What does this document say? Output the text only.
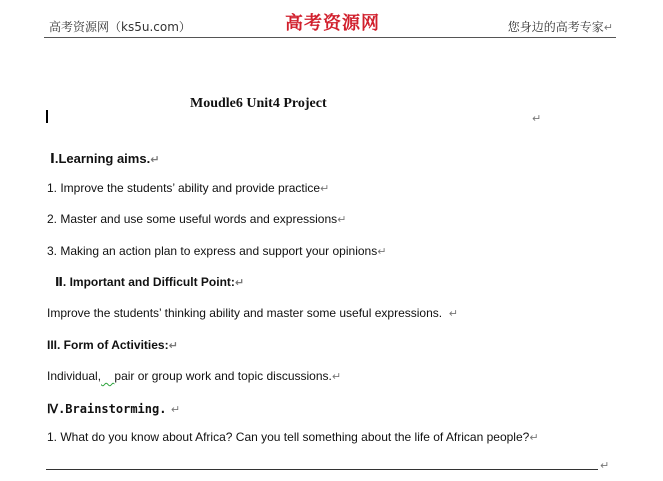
高考资源网（ks5u.com）	高考资源网	您身边的高考专家↵
Moudle6 Unit4 Project
↵
Ⅰ.Learning aims.↵
1. Improve the students’ ability and provide practice↵
2. Master and use some useful words and expressions↵
3. Making an action plan to express and support your opinions↵
Ⅱ. Important and Difficult Point:↵
Improve the students’ thinking ability and master some useful expressions. ↵
III. Form of Activities:↵
Individual, pair or group work and topic discussions.↵
Ⅳ.Brainstorming. ↵
1. What do you know about Africa? Can you tell something about the life of African people?↵
↵
